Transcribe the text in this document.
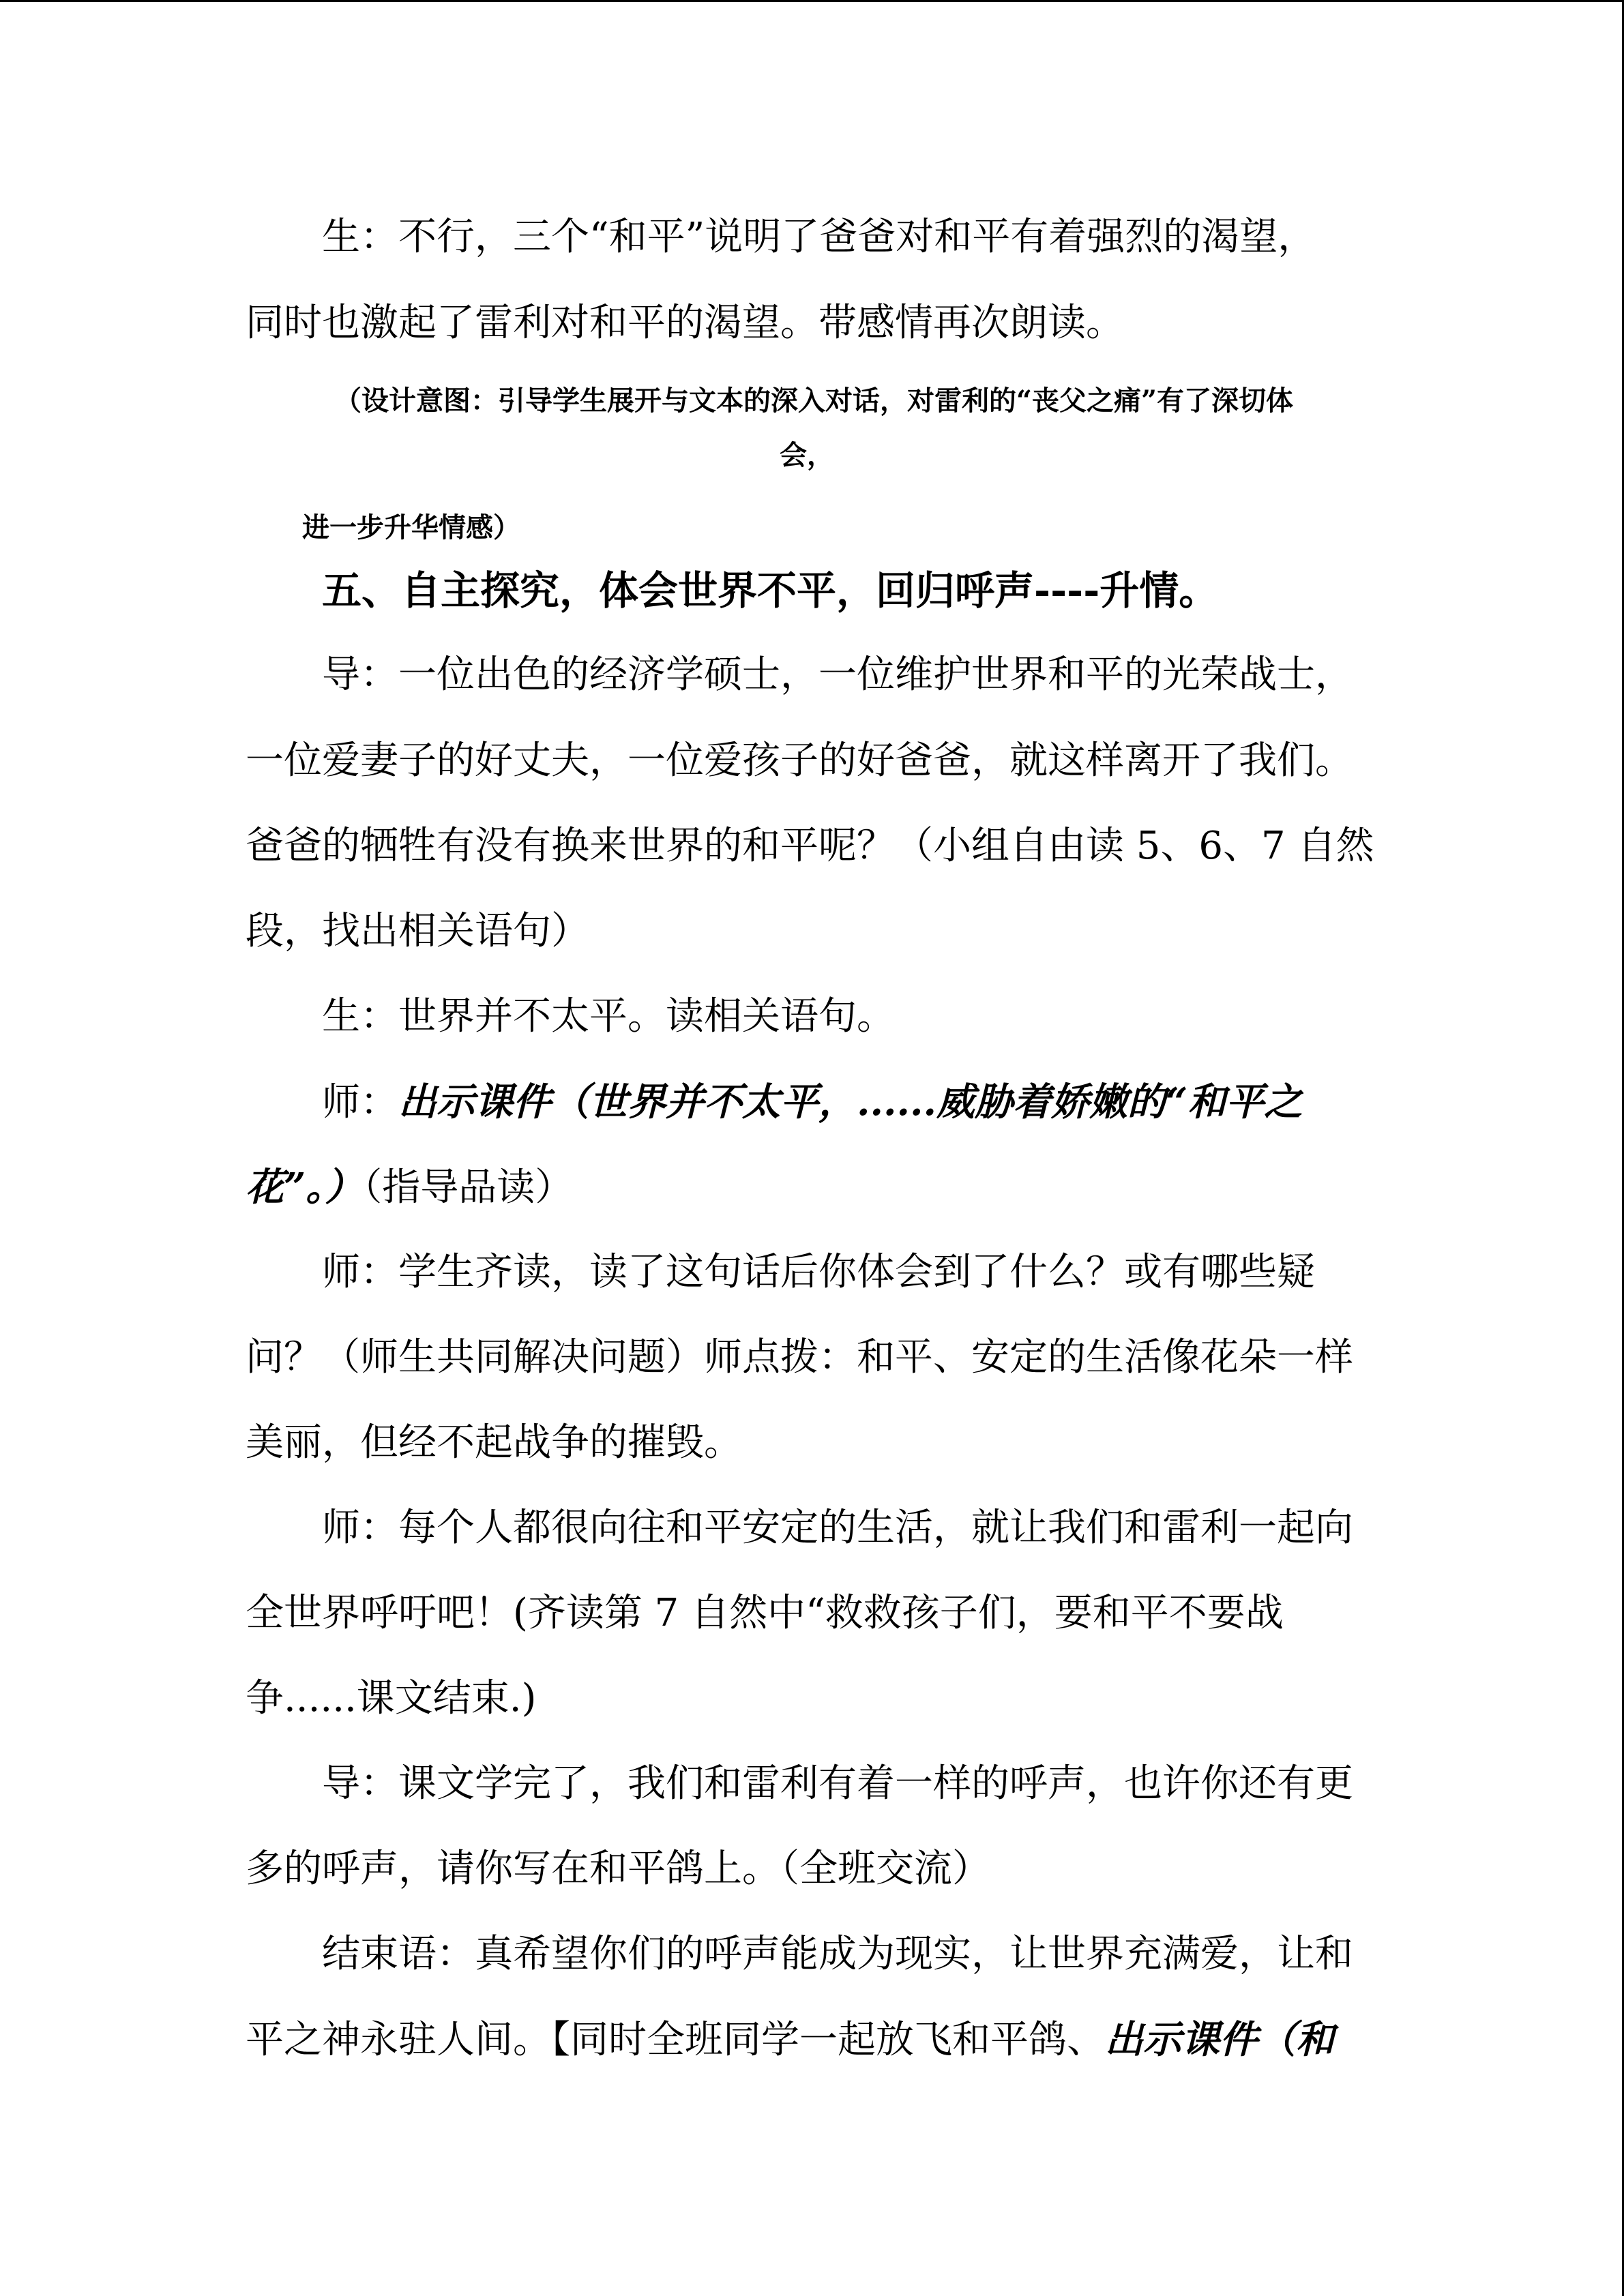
生：不行，三个“和平”说明了爸爸对和平有着强烈的渴望，
同时也激起了雷利对和平的渴望。带感情再次朗读。
（设计意图：引导学生展开与文本的深入对话，对雷利的“丧父之痛”有了深切体
会，
进一步升华情感）
五、自主探究，体会世界不平，回归呼声----升情。
导：一位出色的经济学硕士，一位维护世界和平的光荣战士，
一位爱妻子的好丈夫，一位爱孩子的好爸爸，就这样离开了我们。
爸爸的牺牲有没有换来世界的和平呢？（小组自由读 5、6、7 自然
段，找出相关语句）
生：世界并不太平。读相关语句。
师：出示课件（世界并不太平，......威胁着娇嫩的“和平之
花”。）（指导品读）
师：学生齐读，读了这句话后你体会到了什么？或有哪些疑
问？（师生共同解决问题）师点拨：和平、安定的生活像花朵一样
美丽，但经不起战争的摧毁。
师：每个人都很向往和平安定的生活，就让我们和雷利一起向
全世界呼吁吧！(齐读第 7 自然中“救救孩子们，要和平不要战
争......课文结束.)
导：课文学完了，我们和雷利有着一样的呼声，也许你还有更
多的呼声，请你写在和平鸽上。（全班交流）
结束语：真希望你们的呼声能成为现实，让世界充满爱，让和
平之神永驻人间。【同时全班同学一起放飞和平鸽、出示课件（和
